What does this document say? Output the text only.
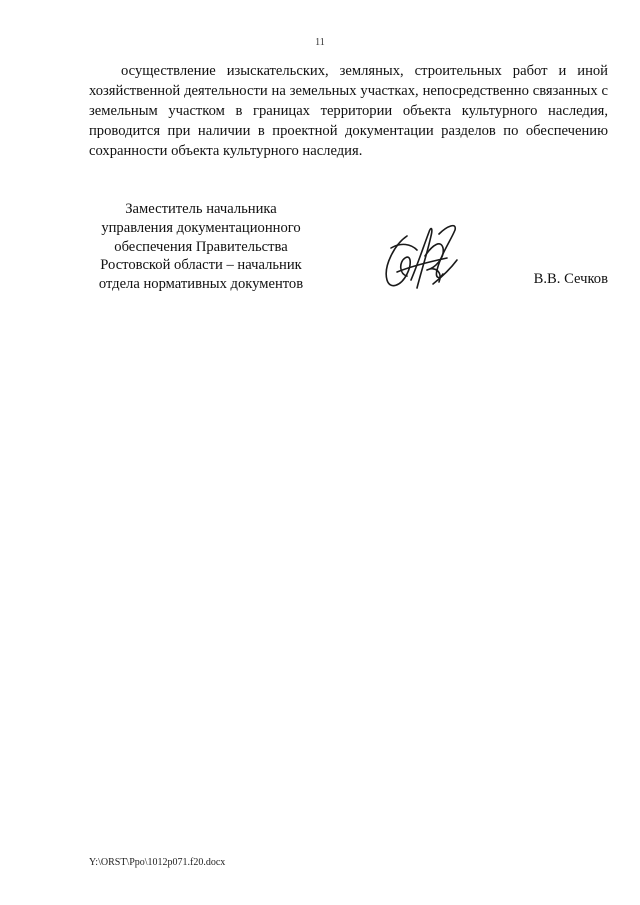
11

осуществление изыскательских, земляных, строительных работ и иной хозяйственной деятельности на земельных участках, непосредственно связанных с земельным участком в границах территории объекта культурного наследия, проводится при наличии в проектной документации разделов по обеспечению сохранности объекта культурного наследия.

Заместитель начальника
управления документационного
обеспечения Правительства
Ростовской области – начальник
отдела нормативных документов	В.В. Сечков
Y:\ORST\Ppo\1012p071.f20.docx
